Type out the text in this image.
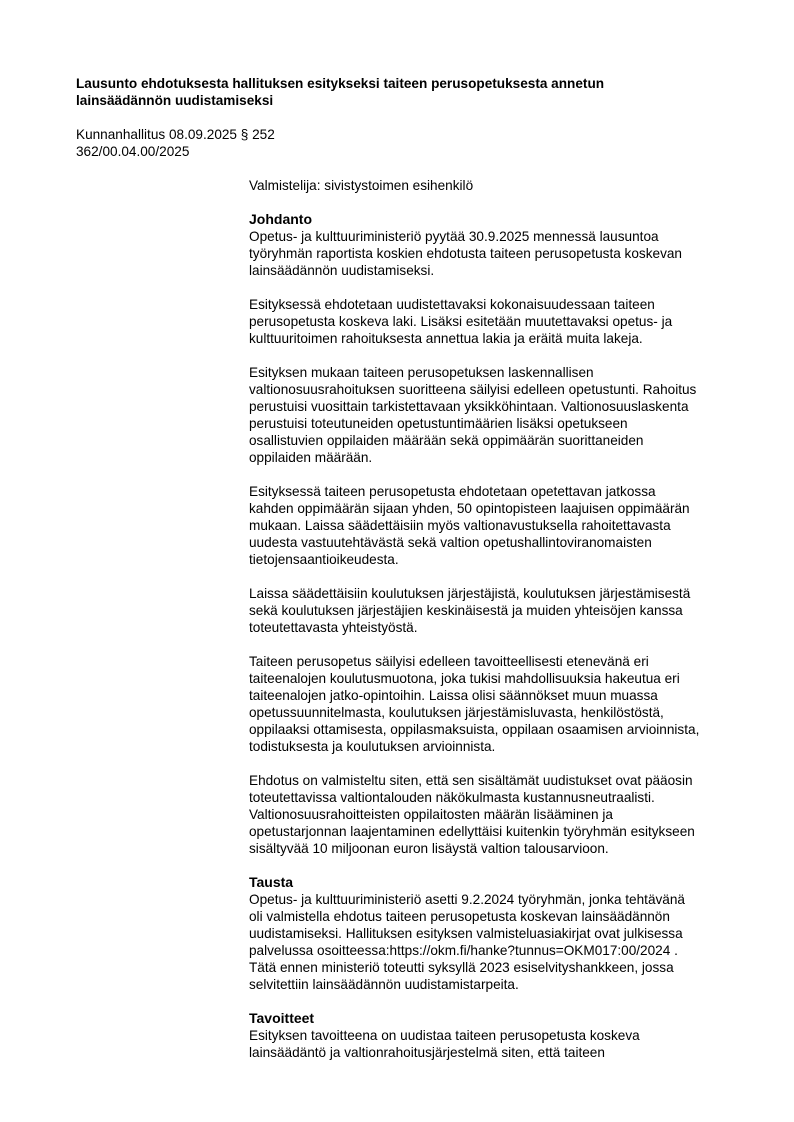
Lausunto ehdotuksesta hallituksen esitykseksi taiteen perusopetuksesta annetun
lainsäädännön uudistamiseksi
Kunnanhallitus 08.09.2025 § 252
362/00.04.00/2025

Valmistelija: sivistystoimen esihenkilö

Johdanto

Opetus- ja kulttuuriministeriö pyytää 30.9.2025 mennessä lausuntoa
työryhmän raportista koskien ehdotusta taiteen perusopetusta koskevan
lainsäädännön uudistamiseksi.

Esityksessä ehdotetaan uudistettavaksi kokonaisuudessaan taiteen
perusopetusta koskeva laki. Lisäksi esitetään muutettavaksi opetus- ja
kulttuuritoimen rahoituksesta annettua lakia ja eräitä muita lakeja.

Esityksen mukaan taiteen perusopetuksen laskennallisen
valtionosuusrahoituksen suoritteena säilyisi edelleen opetustunti. Rahoitus
perustuisi vuosittain tarkistettavaan yksikköhintaan. Valtionosuuslaskenta
perustuisi toteutuneiden opetustuntimäärien lisäksi opetukseen
osallistuvien oppilaiden määrään sekä oppimäärän suorittaneiden
oppilaiden määrään.

Esityksessä taiteen perusopetusta ehdotetaan opetettavan jatkossa
kahden oppimäärän sijaan yhden, 50 opintopisteen laajuisen oppimäärän
mukaan. Laissa säädettäisiin myös valtionavustuksella rahoitettavasta
uudesta vastuutehtävästä sekä valtion opetushallintoviranomaisten
tietojensaantioikeudesta.

Laissa säädettäisiin koulutuksen järjestäjistä, koulutuksen järjestämisestä
sekä koulutuksen järjestäjien keskinäisestä ja muiden yhteisöjen kanssa
toteutettavasta yhteistyöstä.

Taiteen perusopetus säilyisi edelleen tavoitteellisesti etenevänä eri
taiteenalojen koulutusmuotona, joka tukisi mahdollisuuksia hakeutua eri
taiteenalojen jatko-opintoihin. Laissa olisi säännökset muun muassa
opetussuunnitelmasta, koulutuksen järjestämisluvasta, henkilöstöstä,
oppilaaksi ottamisesta, oppilasmaksuista, oppilaan osaamisen arvioinnista,
todistuksesta ja koulutuksen arvioinnista.

Ehdotus on valmisteltu siten, että sen sisältämät uudistukset ovat pääosin
toteutettavissa valtiontalouden näkökulmasta kustannusneutraalisti.
Valtionosuusrahoitteisten oppilaitosten määrän lisääminen ja
opetustarjonnan laajentaminen edellyttäisi kuitenkin työryhmän esitykseen
sisältyvää 10 miljoonan euron lisäystä valtion talousarvioon.

Tausta

Opetus- ja kulttuuriministeriö asetti 9.2.2024 työryhmän, jonka tehtävänä
oli valmistella ehdotus taiteen perusopetusta koskevan lainsäädännön
uudistamiseksi. Hallituksen esityksen valmisteluasiakirjat ovat julkisessa
palvelussa osoitteessa:https://okm.fi/hanke?tunnus=OKM017:00/2024 .
Tätä ennen ministeriö toteutti syksyllä 2023 esiselvityshankkeen, jossa
selvitettiin lainsäädännön uudistamistarpeita.

Tavoitteet

Esityksen tavoitteena on uudistaa taiteen perusopetusta koskeva
lainsäädäntö ja valtionrahoitusjärjestelmä siten, että taiteen
